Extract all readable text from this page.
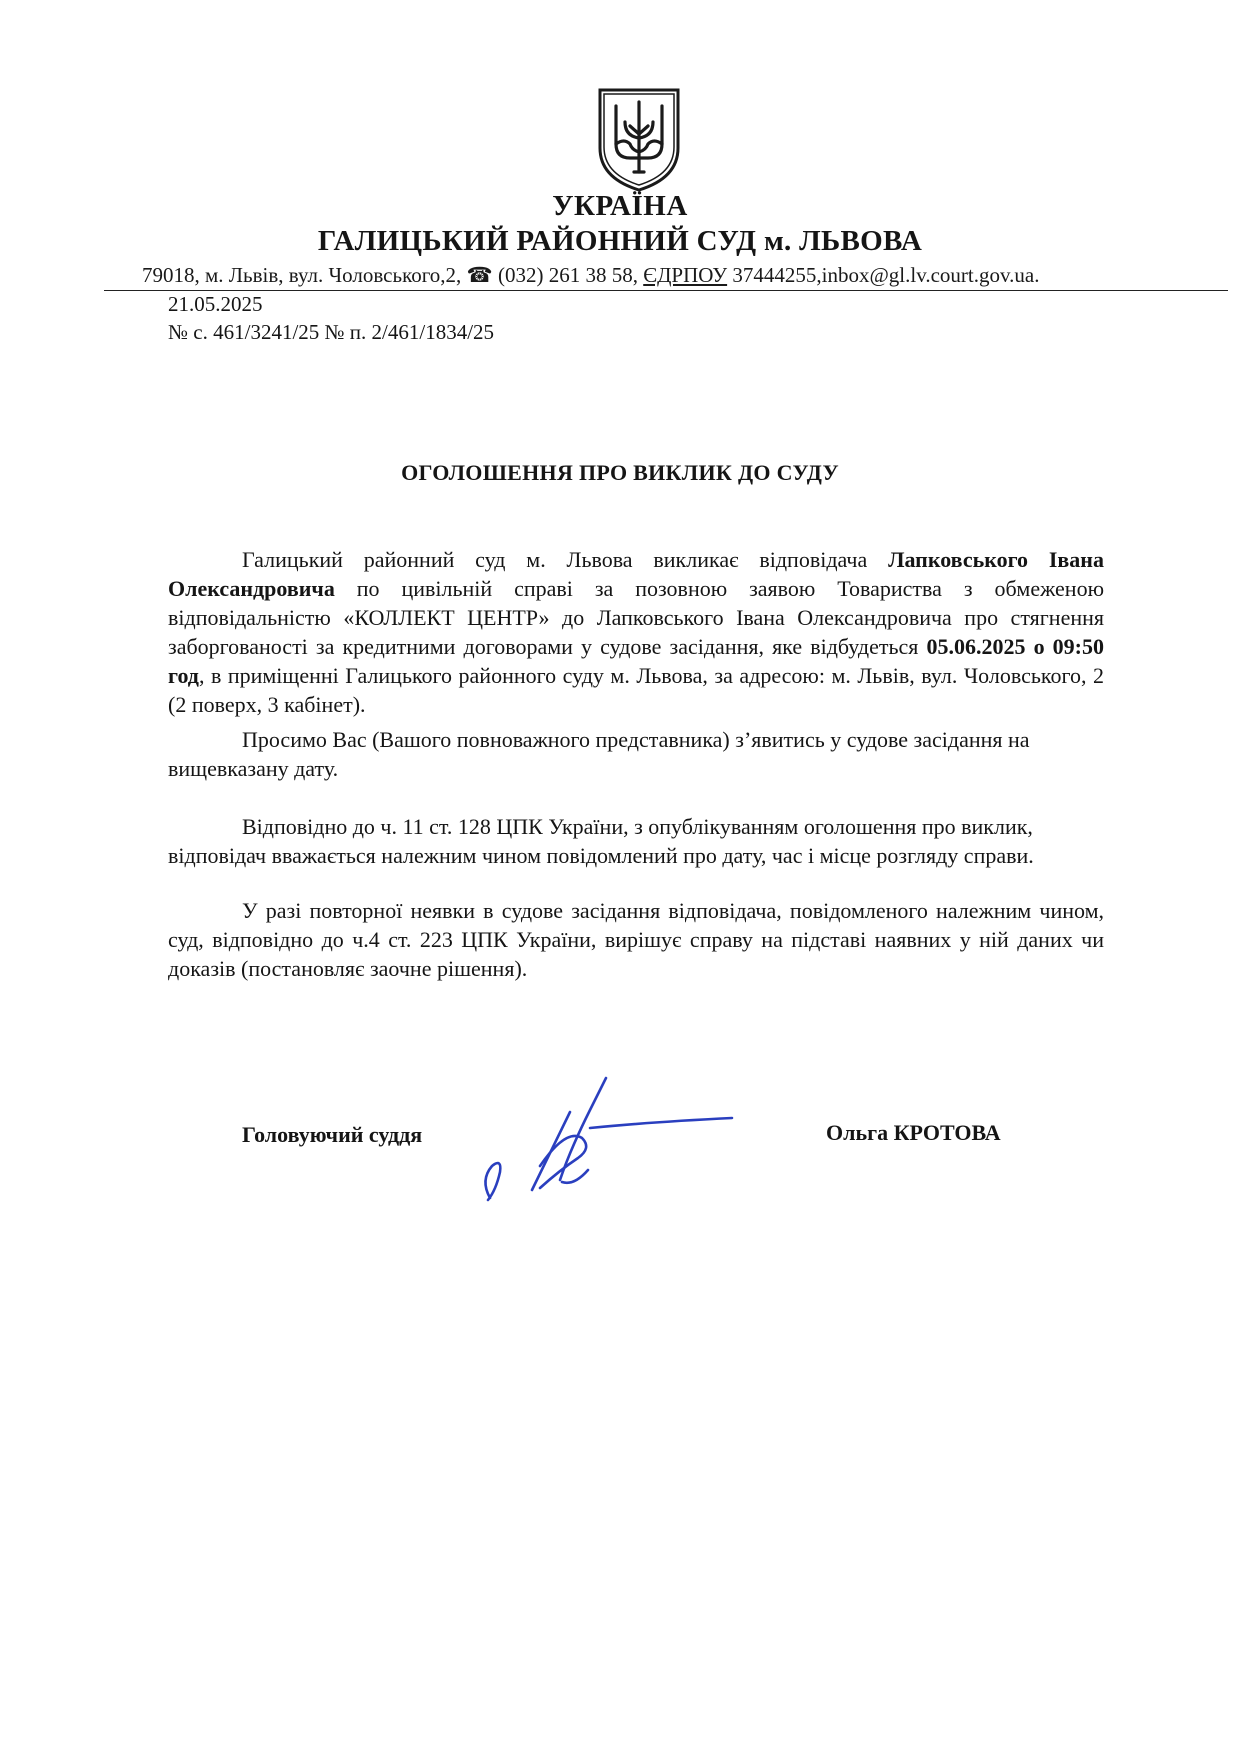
УКРАЇНА
ГАЛИЦЬКИЙ РАЙОННИЙ СУД м. ЛЬВОВА
79018, м. Львів, вул. Чоловського,2, ☎ (032) 261 38 58, ЄДРПОУ 37444255,inbox@gl.lv.court.gov.ua.
21.05.2025
№ с. 461/3241/25 № п. 2/461/1834/25
ОГОЛОШЕННЯ ПРО ВИКЛИК ДО СУДУ
Галицький районний суд м. Львова викликає відповідача Лапковського Івана Олександровича по цивільній справі за позовною заявою Товариства з обмеженою відповідальністю «КОЛЛЕКТ ЦЕНТР» до Лапковського Івана Олександровича про стягнення заборгованості за кредитними договорами у судове засідання, яке відбудеться 05.06.2025 о 09:50 год, в приміщенні Галицького районного суду м. Львова, за адресою: м. Львів, вул. Чоловського, 2 (2 поверх, 3 кабінет).
Просимо Вас (Вашого повноважного представника) з’явитись у судове засідання на вищевказану дату.
Відповідно до ч. 11 ст. 128 ЦПК України, з опублікуванням оголошення про виклик, відповідач вважається належним чином повідомлений про дату, час і місце розгляду справи.
У разі повторної неявки в судове засідання відповідача, повідомленого належним чином, суд, відповідно до ч.4 ст. 223 ЦПК України, вирішує справу на підставі наявних у ній даних чи доказів (постановляє заочне рішення).
Головуючий суддя	Ольга КРОТОВА
